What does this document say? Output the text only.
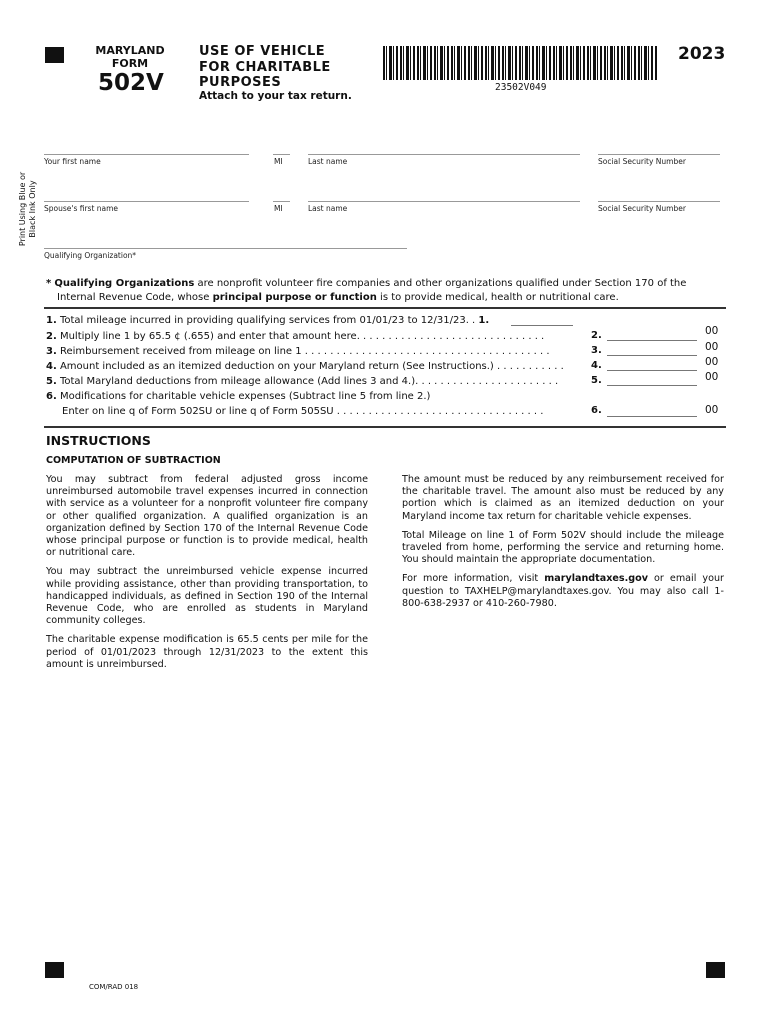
MARYLAND
FORM
502V
USE OF VEHICLE
FOR CHARITABLE
PURPOSES
Attach to your tax return.
23502V049
2023
Print Using Blue or Black Ink Only
Your first name	MI	Last name	Social Security Number
Spouse's first name	MI	Last name	Social Security Number
Qualifying Organization*
* Qualifying Organizations are nonprofit volunteer fire companies and other organizations qualified under Section 170 of the
Internal Revenue Code, whose principal purpose or function is to provide medical, health or nutritional care.
1. Total mileage incurred in providing qualifying services from 01/01/23 to 12/31/23. . 1.
2. Multiply line 1 by 65.5 ¢ (.655) and enter that amount here. . . . . . . . . . . . . . . . . . . . . . . . . . . . . .	2.	00
3. Reimbursement received from mileage on line 1 . . . . . . . . . . . . . . . . . . . . . . . . . . . . . . . . . . . . . . .	3.	00
4. Amount included as an itemized deduction on your Maryland return (See Instructions.) . . . . . . . . . . .	4.	00
5. Total Maryland deductions from mileage allowance (Add lines 3 and 4.). . . . . . . . . . . . . . . . . . . . . . .	5.	00
6. Modifications for charitable vehicle expenses (Subtract line 5 from line 2.)
Enter on line q of Form 502SU or line q of Form 505SU . . . . . . . . . . . . . . . . . . . . . . . . . . . . . . . . .	6.	00
INSTRUCTIONS
COMPUTATION OF SUBTRACTION

You may subtract from federal adjusted gross income unreimbursed automobile travel expenses incurred in connection with service as a volunteer for a nonprofit volunteer fire company or other qualified organization. A qualified organization is an organization defined by Section 170 of the Internal Revenue Code whose principal purpose or function is to provide medical, health or nutritional care.

You may subtract the unreimbursed vehicle expense incurred while providing assistance, other than providing transportation, to handicapped individuals, as defined in Section 190 of the Internal Revenue Code, who are enrolled as students in Maryland community colleges.

The charitable expense modification is 65.5 cents per mile for the period of 01/01/2023 through 12/31/2023 to the extent this amount is unreimbursed.

The amount must be reduced by any reimbursement received for the charitable travel. The amount also must be reduced by any portion which is claimed as an itemized deduction on your Maryland income tax return for charitable vehicle expenses.

Total Mileage on line 1 of Form 502V should include the mileage traveled from home, performing the service and returning home. You should maintain the appropriate documentation.

For more information, visit marylandtaxes.gov or email your question to TAXHELP@marylandtaxes.gov. You may also call 1-800-638-2937 or 410-260-7980.

COM/RAD 018
